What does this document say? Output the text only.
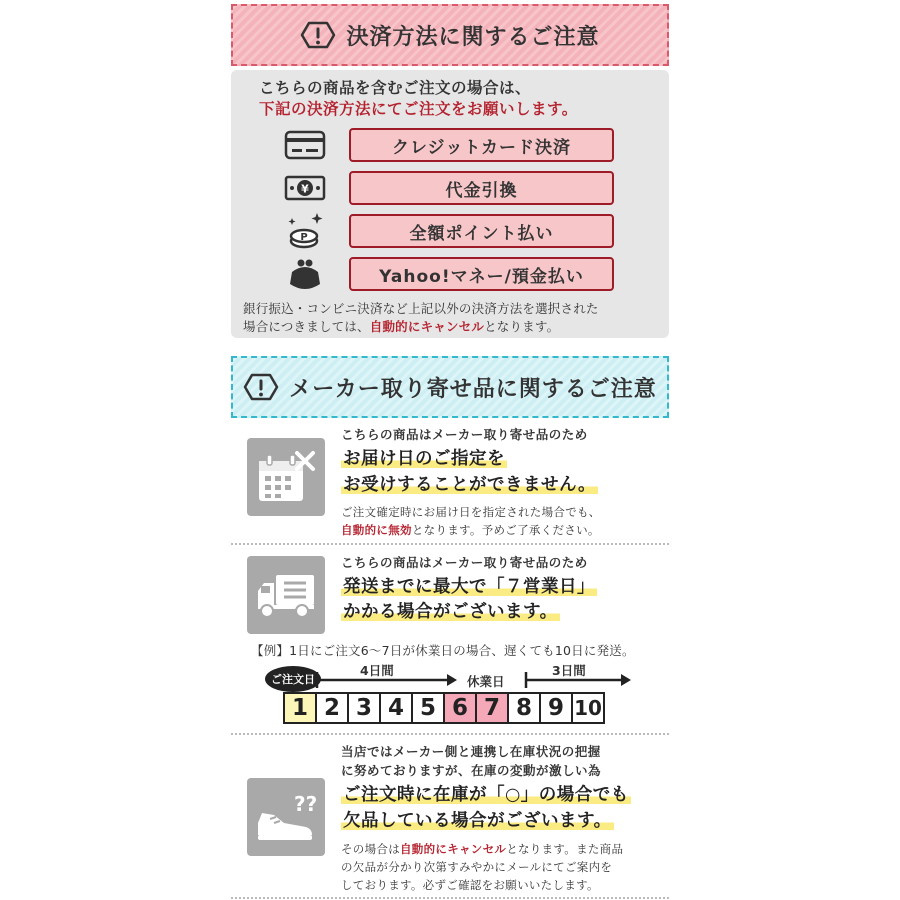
決済方法に関するご注意
こちらの商品を含むご注文の場合は、
下記の決済方法にてご注文をお願いします。
クレジットカード決済
¥	代金引換
P	全額ポイント払い
Yahoo!マネー/預金払い
銀行振込・コンビニ決済など上記以外の決済方法を選択された
場合につきましては、自動的にキャンセルとなります。
メーカー取り寄せ品に関するご注意
こちらの商品はメーカー取り寄せ品のため
お届け日のご指定を
お受けすることができません。
ご注文確定時にお届け日を指定された場合でも、
自動的に無効となります。予めご了承ください。
こちらの商品はメーカー取り寄せ品のため
発送までに最大で「７営業日」
かかる場合がございます。
【例】1日にご注文6～7日が休業日の場合、遅くても10日に発送。
4日間
休業日
3日間
ご注文日
1 2 3 4 5 6 7 8 9 10
??
当店ではメーカー側と連携し在庫状況の把握
に努めておりますが、在庫の変動が激しい為
ご注文時に在庫が「○」の場合でも
欠品している場合がございます。
その場合は自動的にキャンセルとなります。また商品
の欠品が分かり次第すみやかにメールにてご案内を
しております。必ずご確認をお願いいたします。
